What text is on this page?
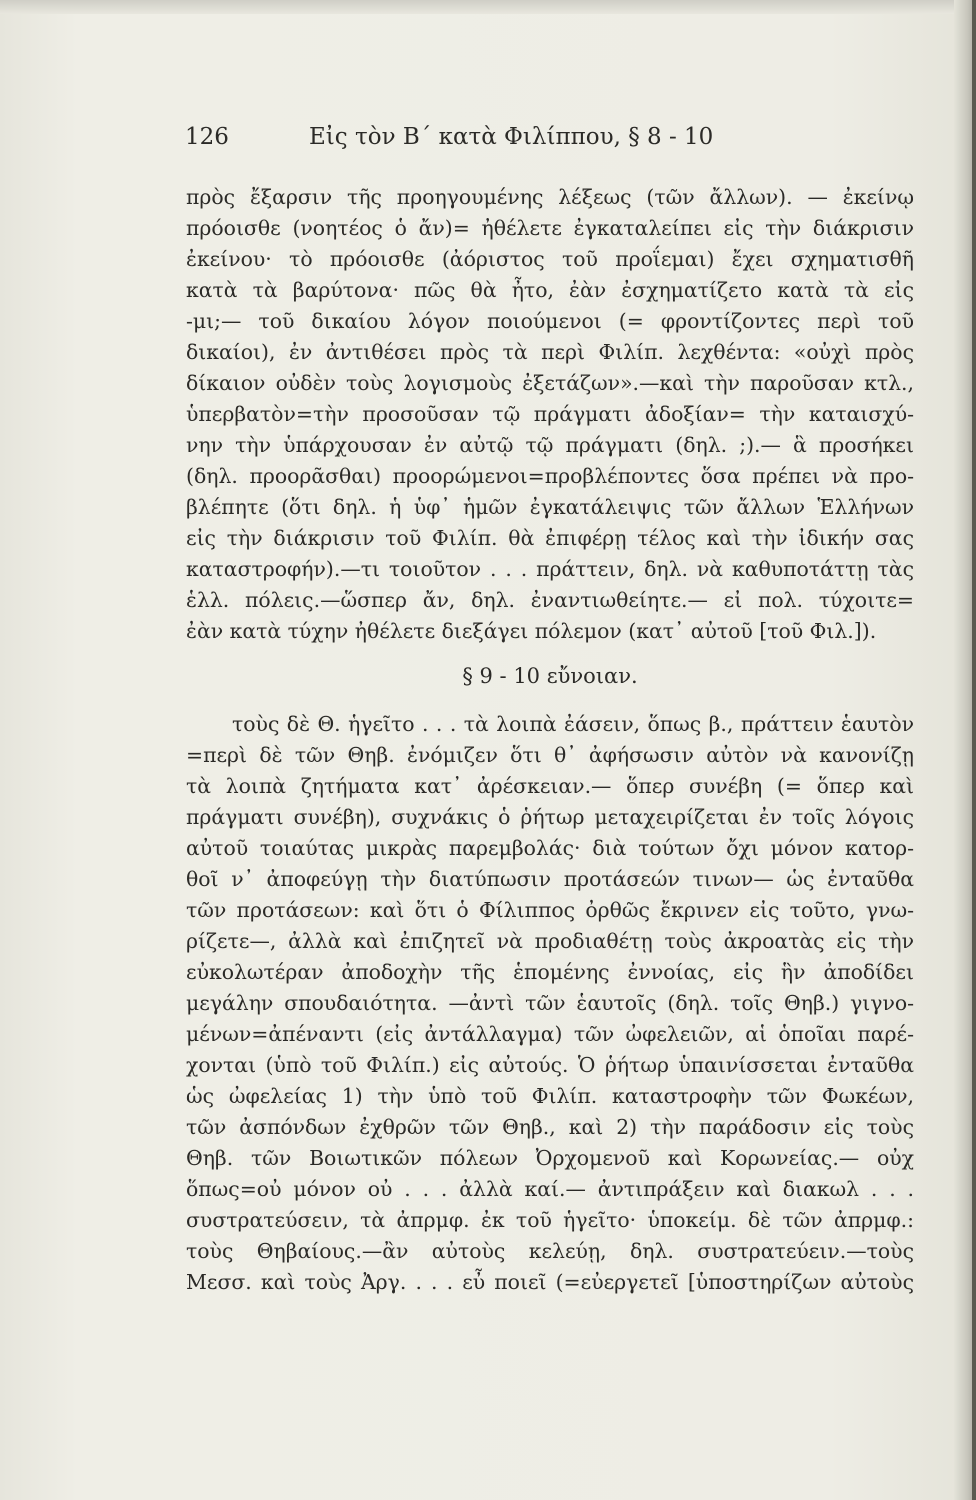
126	Εἰς τὸν Β΄ κατὰ Φιλίππου, § 8 - 10
πρὸς ἔξαρσιν τῆς προηγουμένης λέξεως (τῶν ἄλλων). — ἐκείνῳ
πρόοισθε (νοητέος ὁ ἄν)= ἠθέλετε ἐγκαταλείπει εἰς τὴν διάκρισιν
ἐκείνου· τὸ πρόοισθε (ἀόριστος τοῦ προΐεμαι) ἔχει σχηματισθῆ
κατὰ τὰ βαρύτονα· πῶς θὰ ἦτο, ἐὰν ἐσχηματίζετο κατὰ τὰ εἰς
-μι;— τοῦ δικαίου λόγον ποιούμενοι (= φροντίζοντες περὶ τοῦ
δικαίοι), ἐν ἀντιθέσει πρὸς τὰ περὶ Φιλίπ. λεχθέντα: «οὐχὶ πρὸς
δίκαιον οὐδὲν τοὺς λογισμοὺς ἐξετάζων».—καὶ τὴν παροῦσαν κτλ.,
ὑπερβατὸν=τὴν προσοῦσαν τῷ πράγματι ἀδοξίαν= τὴν καταισχύ-
νην τὴν ὑπάρχουσαν ἐν αὐτῷ τῷ πράγματι (δηλ. ;).— ἃ προσήκει
(δηλ. προορᾶσθαι) προορώμενοι=προβλέποντες ὅσα πρέπει νὰ προ-
βλέπητε (ὅτι δηλ. ἡ ὑφ᾽ ἡμῶν ἐγκατάλειψις τῶν ἄλλων Ἑλλήνων
εἰς τὴν διάκρισιν τοῦ Φιλίπ. θὰ ἐπιφέρῃ τέλος καὶ τὴν ἰδικήν σας
καταστροφήν).—τι τοιοῦτον . . . πράττειν, δηλ. νὰ καθυποτάττῃ τὰς
ἑλλ. πόλεις.—ὥσπερ ἄν, δηλ. ἐναντιωθείητε.— εἰ πολ. τύχοιτε=
ἐὰν κατὰ τύχην ἠθέλετε διεξάγει πόλεμον (κατ᾽ αὐτοῦ [τοῦ Φιλ.]).
§ 9 - 10 εὔνοιαν.
τοὺς δὲ Θ. ἡγεῖτο . . . τὰ λοιπὰ ἐάσειν, ὅπως β., πράττειν ἑαυτὸν
=περὶ δὲ τῶν Θηβ. ἐνόμιζεν ὅτι θ᾽ ἀφήσωσιν αὐτὸν νὰ κανονίζῃ
τὰ λοιπὰ ζητήματα κατ᾽ ἀρέσκειαν.— ὅπερ συνέβη (= ὅπερ καὶ
πράγματι συνέβη), συχνάκις ὁ ῥήτωρ μεταχειρίζεται ἐν τοῖς λόγοις
αὐτοῦ τοιαύτας μικρὰς παρεμβολάς· διὰ τούτων ὄχι μόνον κατορ-
θοῖ ν᾽ ἀποφεύγῃ τὴν διατύπωσιν προτάσεών τινων— ὡς ἐνταῦθα
τῶν προτάσεων: καὶ ὅτι ὁ Φίλιππος ὀρθῶς ἔκρινεν εἰς τοῦτο, γνω-
ρίζετε—, ἀλλὰ καὶ ἐπιζητεῖ νὰ προδιαθέτῃ τοὺς ἀκροατὰς εἰς τὴν
εὐκολωτέραν ἀποδοχὴν τῆς ἑπομένης ἐννοίας, εἰς ἣν ἀποδίδει
μεγάλην σπουδαιότητα. —ἀντὶ τῶν ἑαυτοῖς (δηλ. τοῖς Θηβ.) γιγνο-
μένων=ἀπέναντι (εἰς ἀντάλλαγμα) τῶν ὠφελειῶν, αἱ ὁποῖαι παρέ-
χονται (ὑπὸ τοῦ Φιλίπ.) εἰς αὐτούς. Ὁ ῥήτωρ ὑπαινίσσεται ἐνταῦθα
ὡς ὠφελείας 1) τὴν ὑπὸ τοῦ Φιλίπ. καταστροφὴν τῶν Φωκέων,
τῶν ἀσπόνδων ἐχθρῶν τῶν Θηβ., καὶ 2) τὴν παράδοσιν εἰς τοὺς
Θηβ. τῶν Βοιωτικῶν πόλεων Ὀρχομενοῦ καὶ Κορωνείας.— οὐχ
ὅπως=οὐ μόνον οὐ . . . ἀλλὰ καί.— ἀντιπράξειν καὶ διακωλ . . .
συστρατεύσειν, τὰ ἀπρμφ. ἐκ τοῦ ἡγεῖτο· ὑποκείμ. δὲ τῶν ἀπρμφ.:
τοὺς Θηβαίους.—ἂν αὐτοὺς κελεύῃ, δηλ. συστρατεύειν.—τοὺς
Μεσσ. καὶ τοὺς Ἀργ. . . . εὖ ποιεῖ (=εὐεργετεῖ [ὑποστηρίζων αὐτοὺς
